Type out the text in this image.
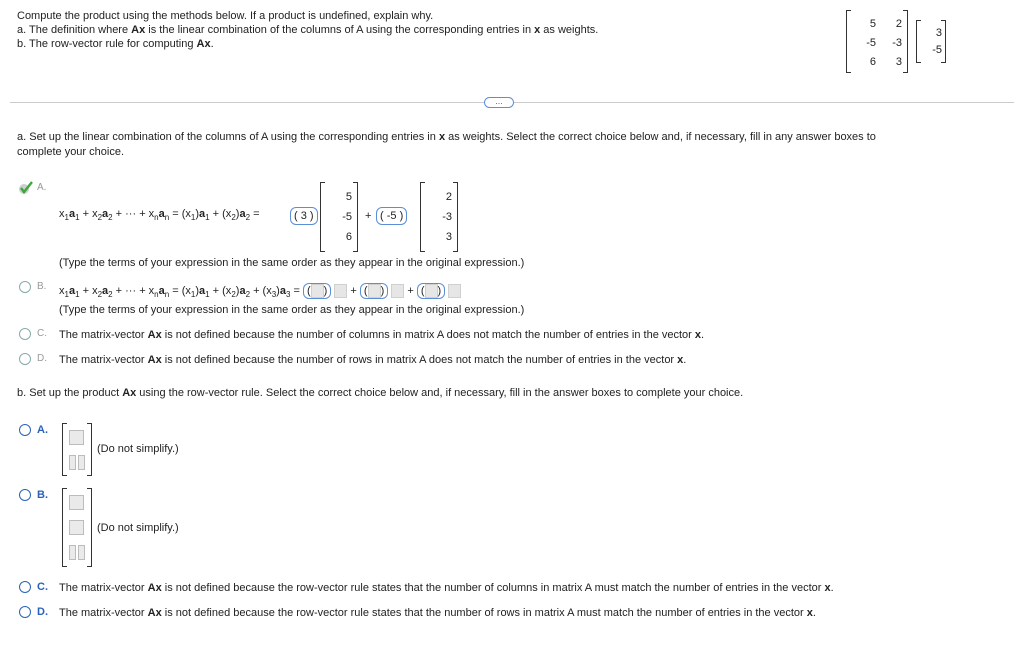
Compute the product using the methods below. If a product is undefined, explain why.
a. The definition where Ax is the linear combination of the columns of A using the corresponding entries in x as weights.
b. The row-vector rule for computing Ax.
5	2
-5	-3
6	3
3
-5
...
a. Set up the linear combination of the columns of A using the corresponding entries in x as weights. Select the correct choice below and, if necessary, fill in any answer boxes to
complete your choice.
A.
$x_1a_1 + x_2a_2$ + ··· + $x_na_n = (x_1)a_1 + (x_2)a_2$ =	( 3 )
5
-5
6
+ ( -5 )
2
-3
3
(Type the terms of your expression in the same order as they appear in the original expression.)
B. $x_1a_1 + x_2a_2$ + ··· + $x_na_n = (x_1)a_1 + (x_2)a_2 + (x_3)a_3$ = ( )  + ( )  + ( )
(Type the terms of your expression in the same order as they appear in the original expression.)
C. The matrix-vector Ax is not defined because the number of columns in matrix A does not match the number of entries in the vector x.
D. The matrix-vector Ax is not defined because the number of rows in matrix A does not match the number of entries in the vector x.
b. Set up the product Ax using the row-vector rule. Select the correct choice below and, if necessary, fill in the answer boxes to complete your choice.
A.
(Do not simplify.)
B.
(Do not simplify.)
C. The matrix-vector Ax is not defined because the row-vector rule states that the number of columns in matrix A must match the number of entries in the vector x.
D. The matrix-vector Ax is not defined because the row-vector rule states that the number of rows in matrix A must match the number of entries in the vector x.
